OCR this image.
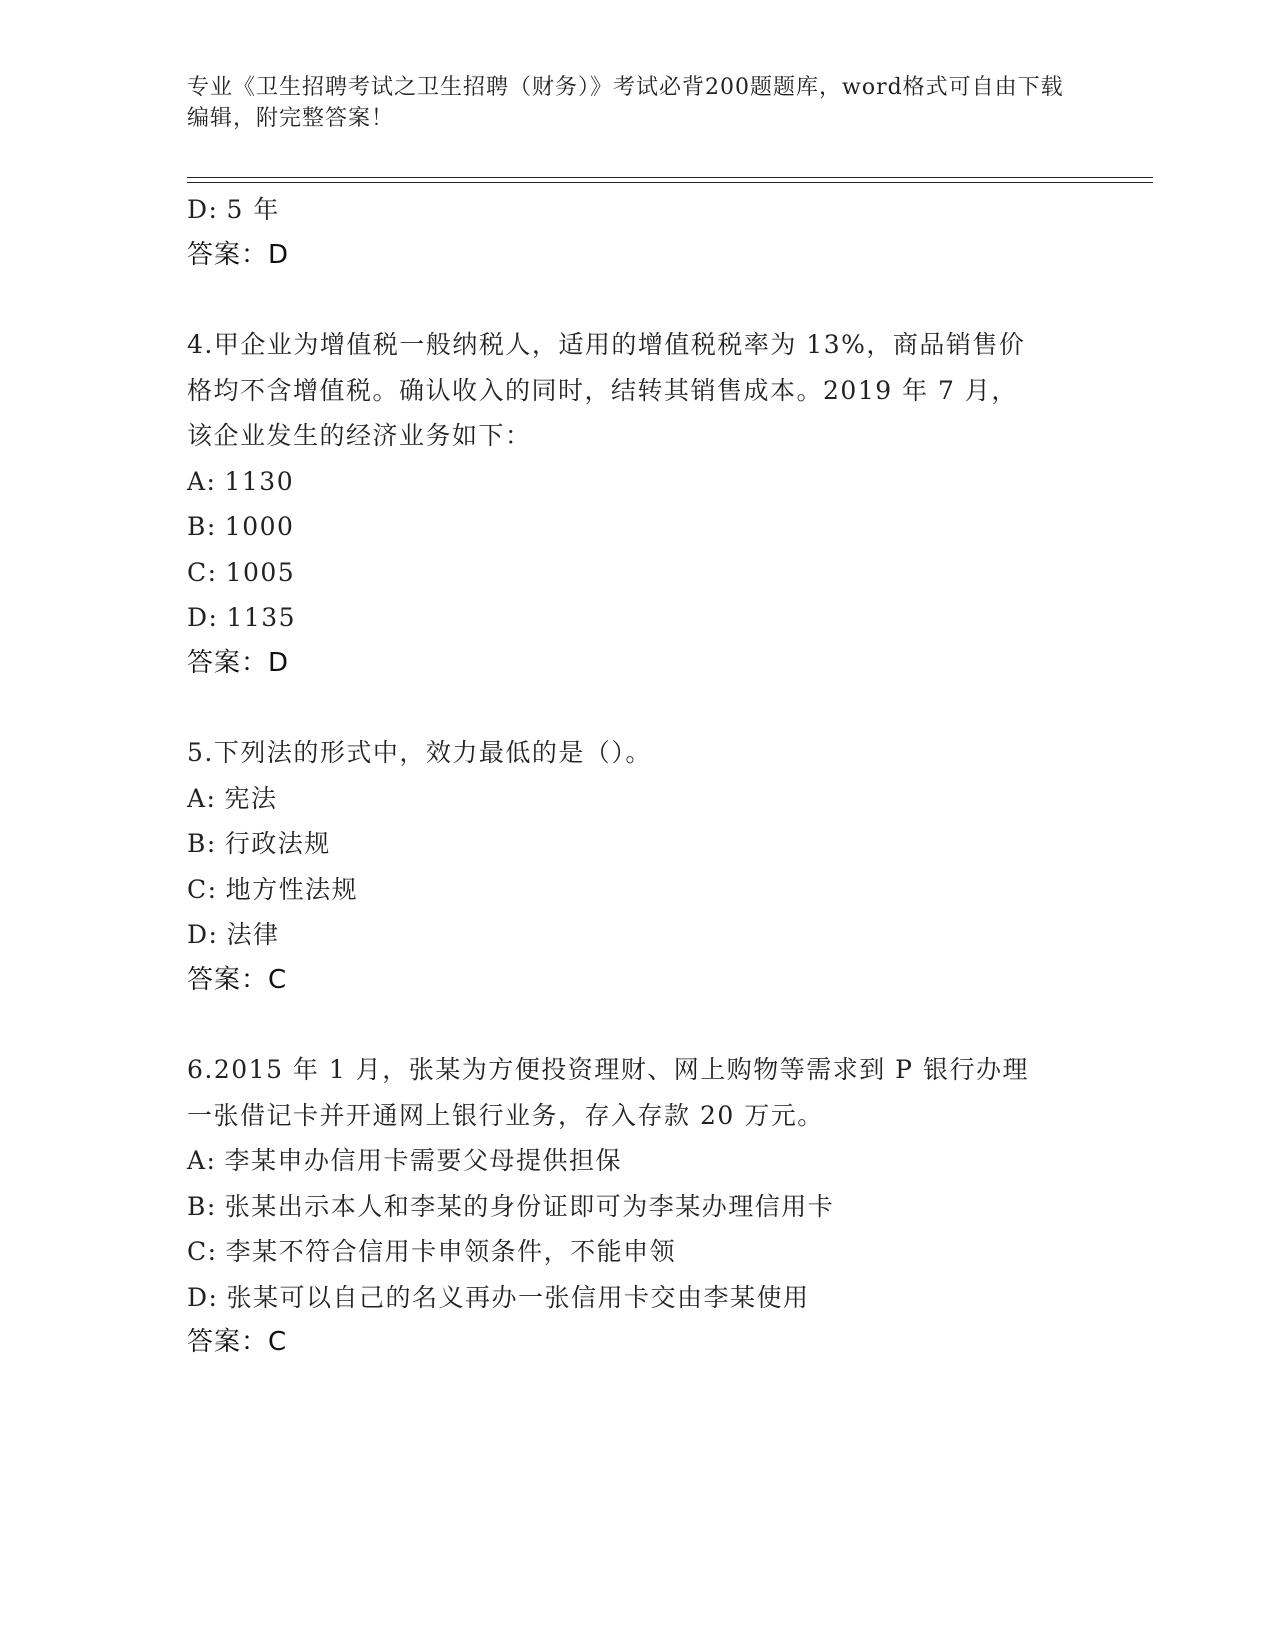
专业《卫生招聘考试之卫生招聘（财务）》考试必背200题题库，word格式可自由下载编辑，附完整答案！
D: 5 年
答案：D
4.甲企业为增值税一般纳税人，适用的增值税税率为 13%，商品销售价
格均不含增值税。确认收入的同时，结转其销售成本。2019 年 7 月，
该企业发生的经济业务如下：
A: 1130
B: 1000
C: 1005
D: 1135
答案：D
5.下列法的形式中，效力最低的是（）。
A: 宪法
B: 行政法规
C: 地方性法规
D: 法律
答案：C
6.2015 年 1 月，张某为方便投资理财、网上购物等需求到 P 银行办理
一张借记卡并开通网上银行业务，存入存款 20 万元。
A: 李某申办信用卡需要父母提供担保
B: 张某出示本人和李某的身份证即可为李某办理信用卡
C: 李某不符合信用卡申领条件，不能申领
D: 张某可以自己的名义再办一张信用卡交由李某使用
答案：C
